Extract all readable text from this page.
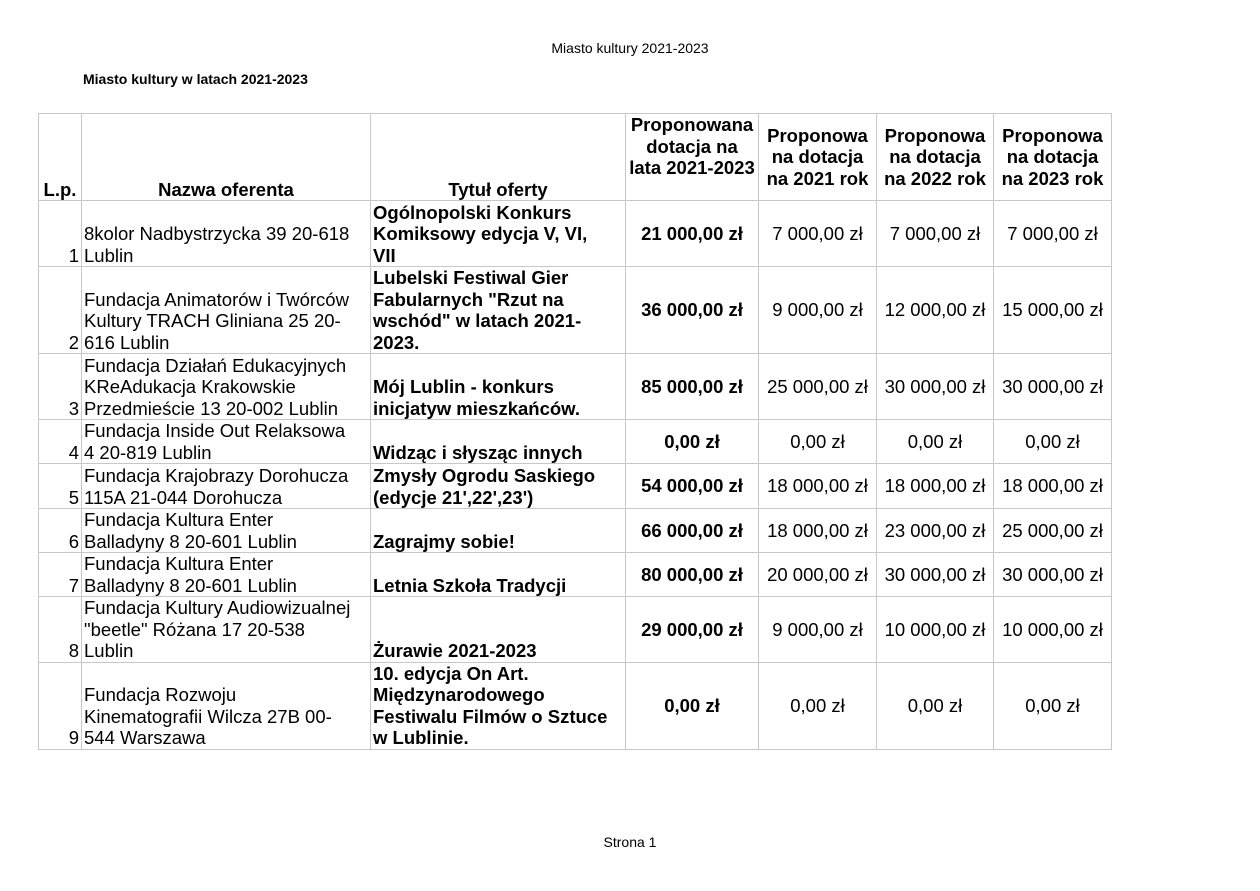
Miasto kultury 2021-2023
Miasto kultury w latach 2021-2023
L.p.	Nazwa oferenta	Tytuł oferty	Proponowana dotacja na lata 2021-2023	Proponowa na dotacja na 2021 rok	Proponowa na dotacja na 2022 rok	Proponowa na dotacja na 2023 rok
1	8kolor Nadbystrzycka 39 20-618
Lublin	Ogólnopolski Konkurs
Komiksowy edycja V, VI,
VII	21 000,00 zł	7 000,00 zł	7 000,00 zł	7 000,00 zł
2	Fundacja Animatorów i Twórców
Kultury TRACH Gliniana 25 20-
616 Lublin	Lubelski Festiwal Gier
Fabularnych "Rzut na
wschód" w latach 2021-
2023.	36 000,00 zł	9 000,00 zł	12 000,00 zł	15 000,00 zł
3	Fundacja Działań Edukacyjnych
KReAdukacja Krakowskie
Przedmieście 13 20-002 Lublin	Mój Lublin - konkurs
inicjatyw mieszkańców.	85 000,00 zł	25 000,00 zł	30 000,00 zł	30 000,00 zł
4	Fundacja Inside Out Relaksowa
4 20-819 Lublin	Widząc i słysząc innych	0,00 zł	0,00 zł	0,00 zł	0,00 zł
5	Fundacja Krajobrazy Dorohucza
115A 21-044 Dorohucza	Zmysły Ogrodu Saskiego
(edycje 21',22',23')	54 000,00 zł	18 000,00 zł	18 000,00 zł	18 000,00 zł
6	Fundacja Kultura Enter
Balladyny 8 20-601 Lublin	Zagrajmy sobie!	66 000,00 zł	18 000,00 zł	23 000,00 zł	25 000,00 zł
7	Fundacja Kultura Enter
Balladyny 8 20-601 Lublin	Letnia Szkoła Tradycji	80 000,00 zł	20 000,00 zł	30 000,00 zł	30 000,00 zł
8	Fundacja Kultury Audiowizualnej
"beetle" Różana 17 20-538
Lublin	Żurawie 2021-2023	29 000,00 zł	9 000,00 zł	10 000,00 zł	10 000,00 zł
9	Fundacja Rozwoju
Kinematografii Wilcza 27B 00-
544 Warszawa	10. edycja On Art.
Międzynarodowego
Festiwalu Filmów o Sztuce
w Lublinie.	0,00 zł	0,00 zł	0,00 zł	0,00 zł
Strona 1
